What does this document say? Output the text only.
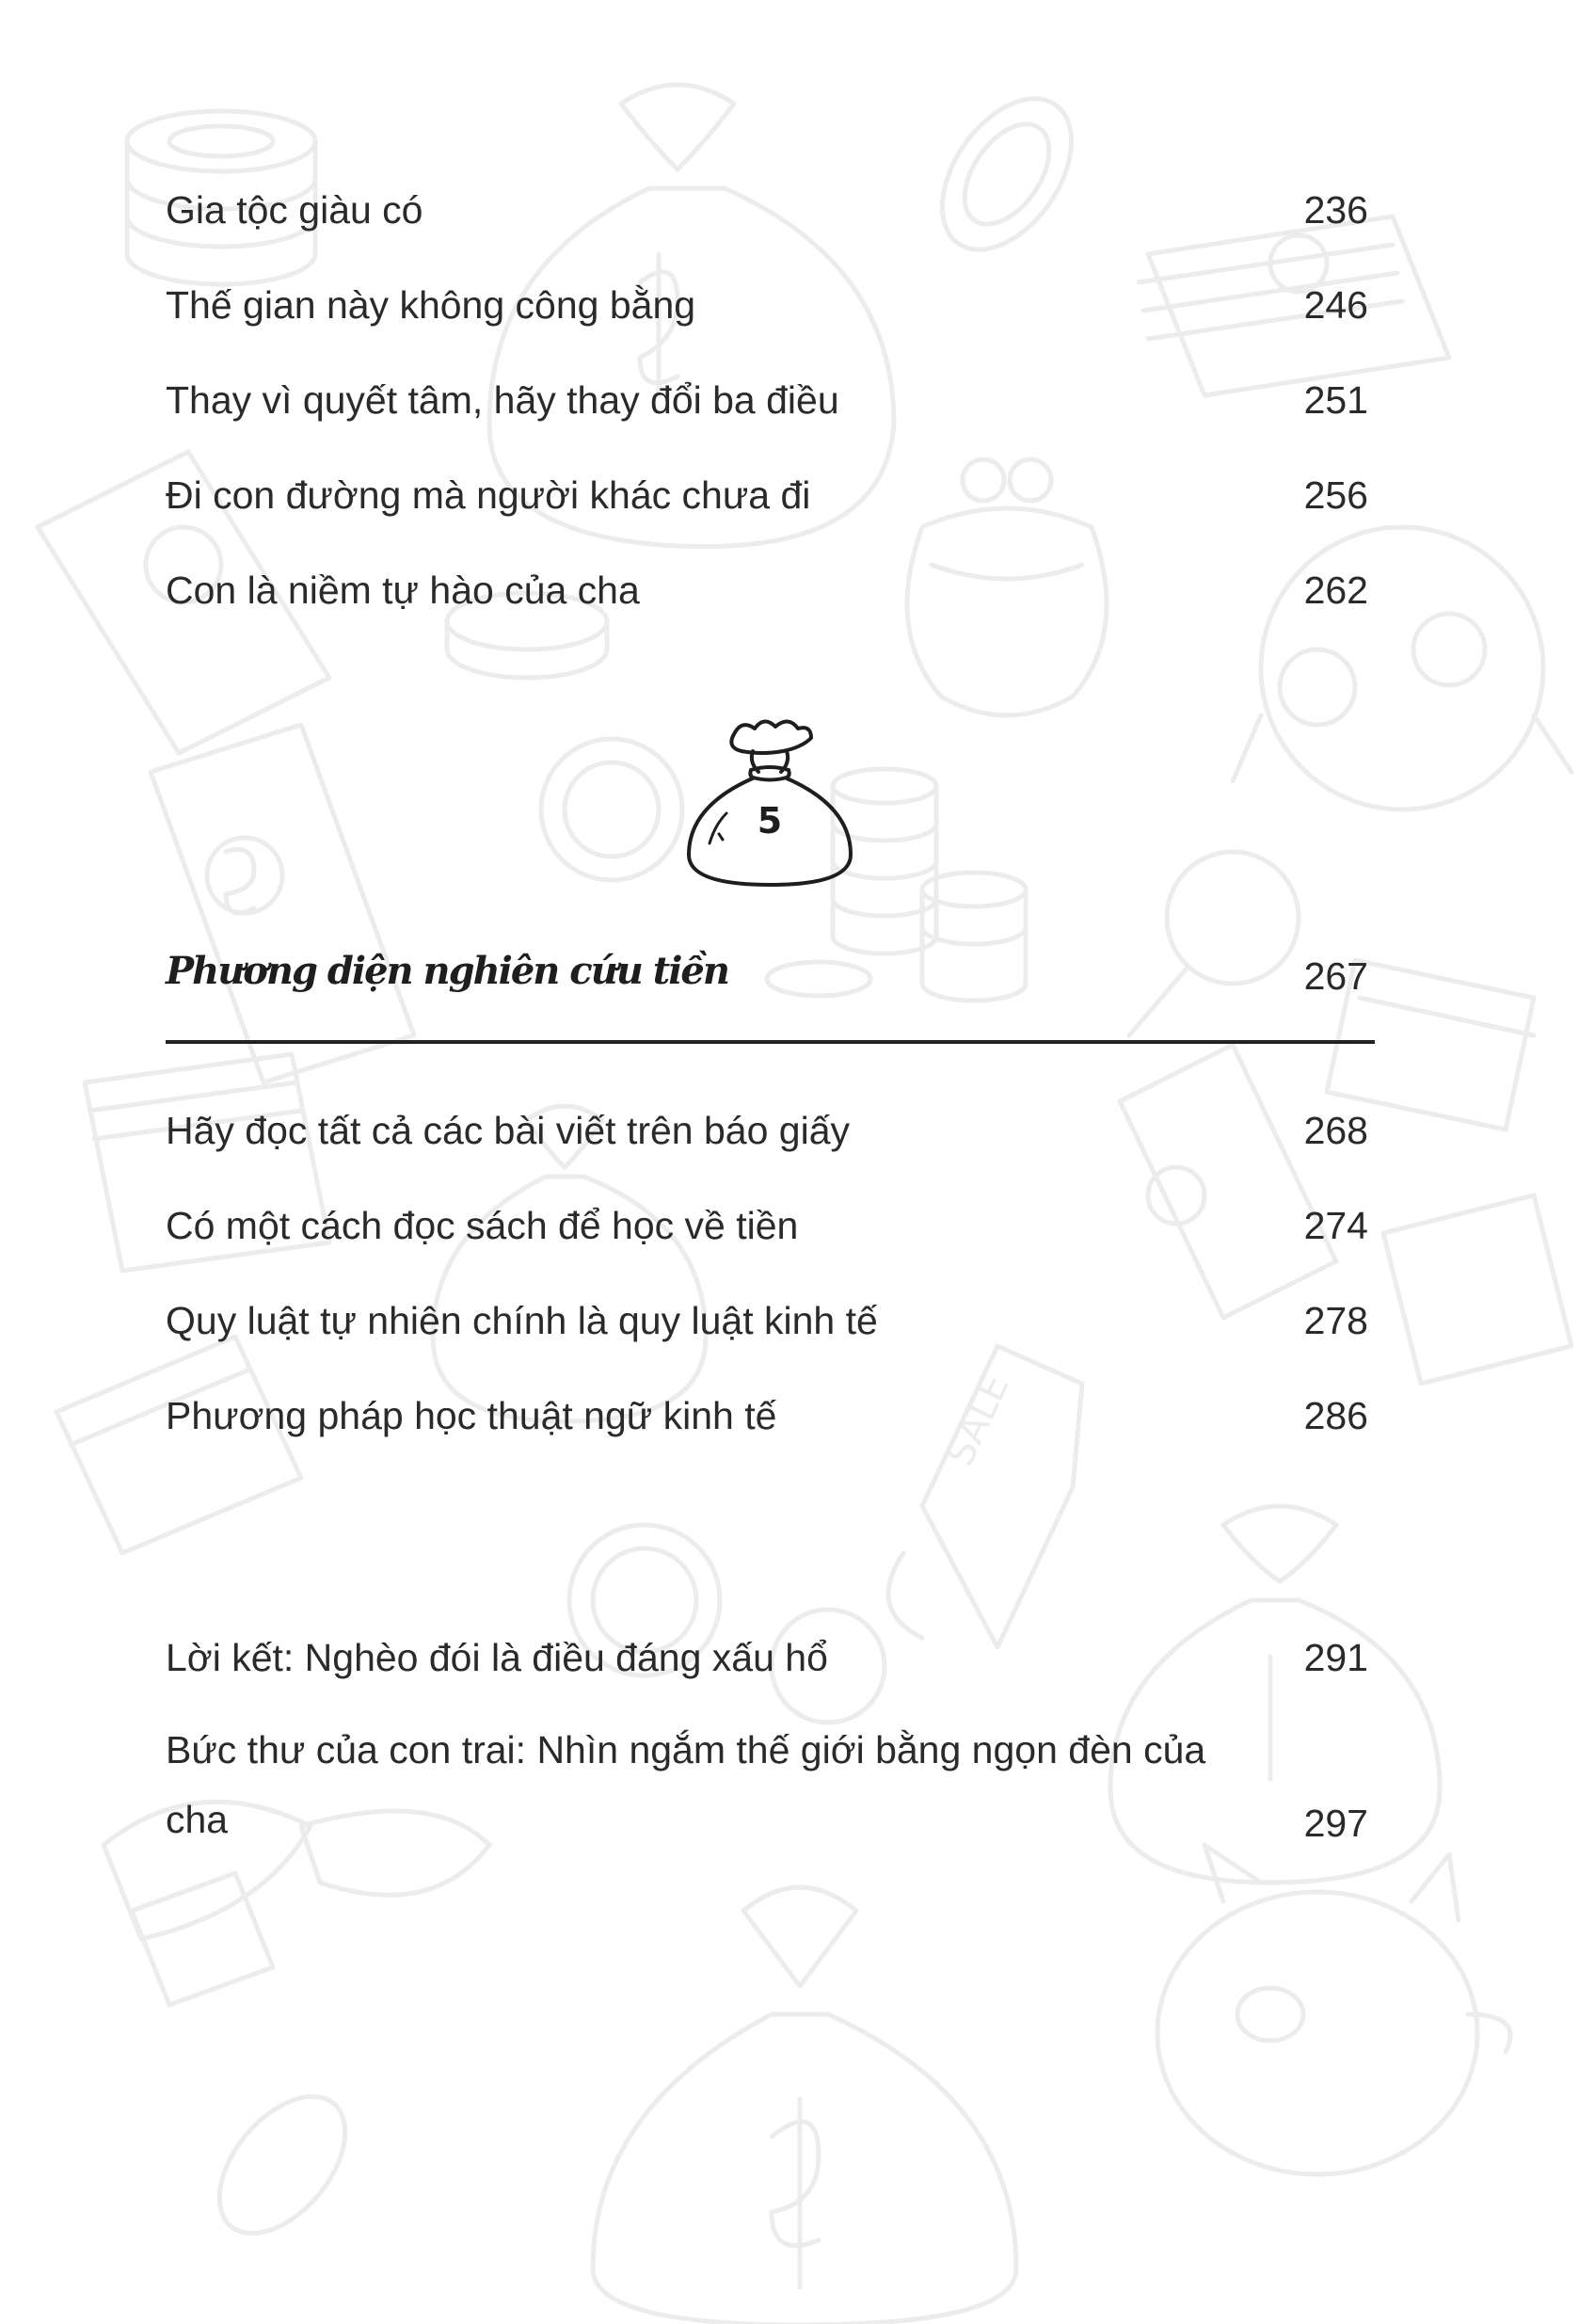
SALE
Gia tộc giàu có	236
Thế gian này không công bằng	246
Thay vì quyết tâm, hãy thay đổi ba điều	251
Đi con đường mà người khác chưa đi	256
Con là niềm tự hào của cha	262
5
Phương diện nghiên cứu tiền	267
Hãy đọc tất cả các bài viết trên báo giấy	268
Có một cách đọc sách để học về tiền	274
Quy luật tự nhiên chính là quy luật kinh tế	278
Phương pháp học thuật ngữ kinh tế	286
Lời kết: Nghèo đói là điều đáng xấu hổ	291
Bức thư của con trai: Nhìn ngắm thế giới bằng ngọn đèn của cha	297
